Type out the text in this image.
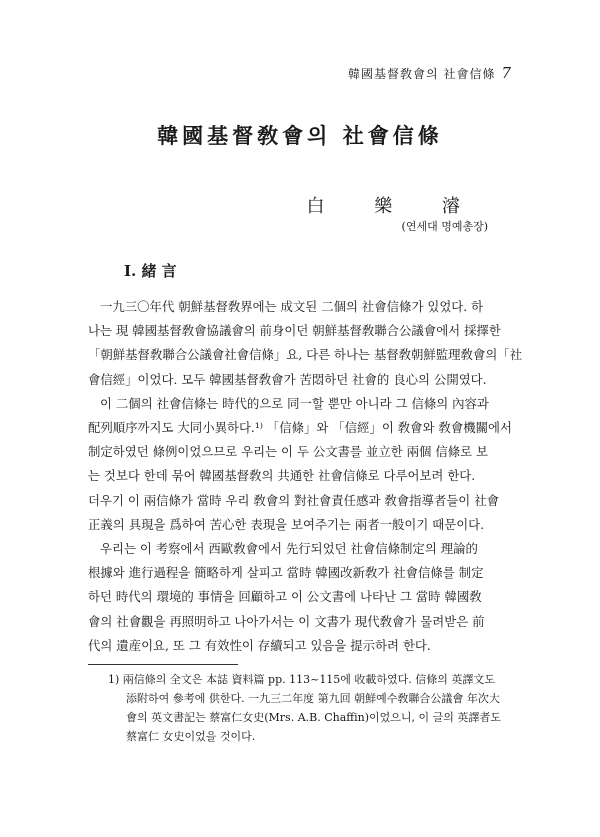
韓國基督敎會의 社會信條 7
韓國基督敎會의 社會信條
白 樂 濬
(연세대 명예총장)
I. 緒 言
一九三〇年代 朝鮮基督敎界에는 成文된 二個의 社會信條가 있었다. 하
나는 現 韓國基督敎會協議會의 前身이던 朝鮮基督敎聯合公議會에서 採擇한
「朝鮮基督敎聯合公議會社會信條」요, 다른 하나는 基督敎朝鮮監理敎會의「社
會信經」이었다. 모두 韓國基督敎會가 苦悶하던 社會的 良心의 公開였다.
이 二個의 社會信條는 時代的으로 同一할 뿐만 아니라 그 信條의 內容과
配列順序까지도 大同小異하다.¹⁾ 「信條」와 「信經」이 敎會와 敎會機關에서
制定하였던 條例이었으므로 우리는 이 두 公文書를 並立한 兩個 信條로 보
는 것보다 한데 묶어 韓國基督敎의 共通한 社會信條로 다루어보려 한다.
더우기 이 兩信條가 當時 우리 敎會의 對社會責任感과 敎會指導者들이 社會
正義의 具現을 爲하여 苦心한 表現을 보여주기는 兩者一般이기 때문이다.
우리는 이 考察에서 西歐敎會에서 先行되었던 社會信條制定의 理論的
根據와 進行過程을 簡略하게 살피고 當時 韓國改新敎가 社會信條를 制定
하던 時代의 環境的 事情을 回顧하고 이 公文書에 나타난 그 當時 韓國敎
會의 社會觀을 再照明하고 나아가서는 이 文書가 現代敎會가 물려받은 前
代의 遺産이요, 또 그 有效性이 存續되고 있음을 提示하려 한다.
1) 兩信條의 全文은 本誌 資料篇 pp. 113~115에 收載하였다. 信條의 英譯文도
添附하여 參考에 供한다. 一九三二年度 第九回 朝鮮예수敎聯合公議會 年次大
會의 英文書記는 蔡富仁女史(Mrs. A.B. Chaffin)이었으니, 이 글의 英譯者도
蔡富仁 女史이었을 것이다.
